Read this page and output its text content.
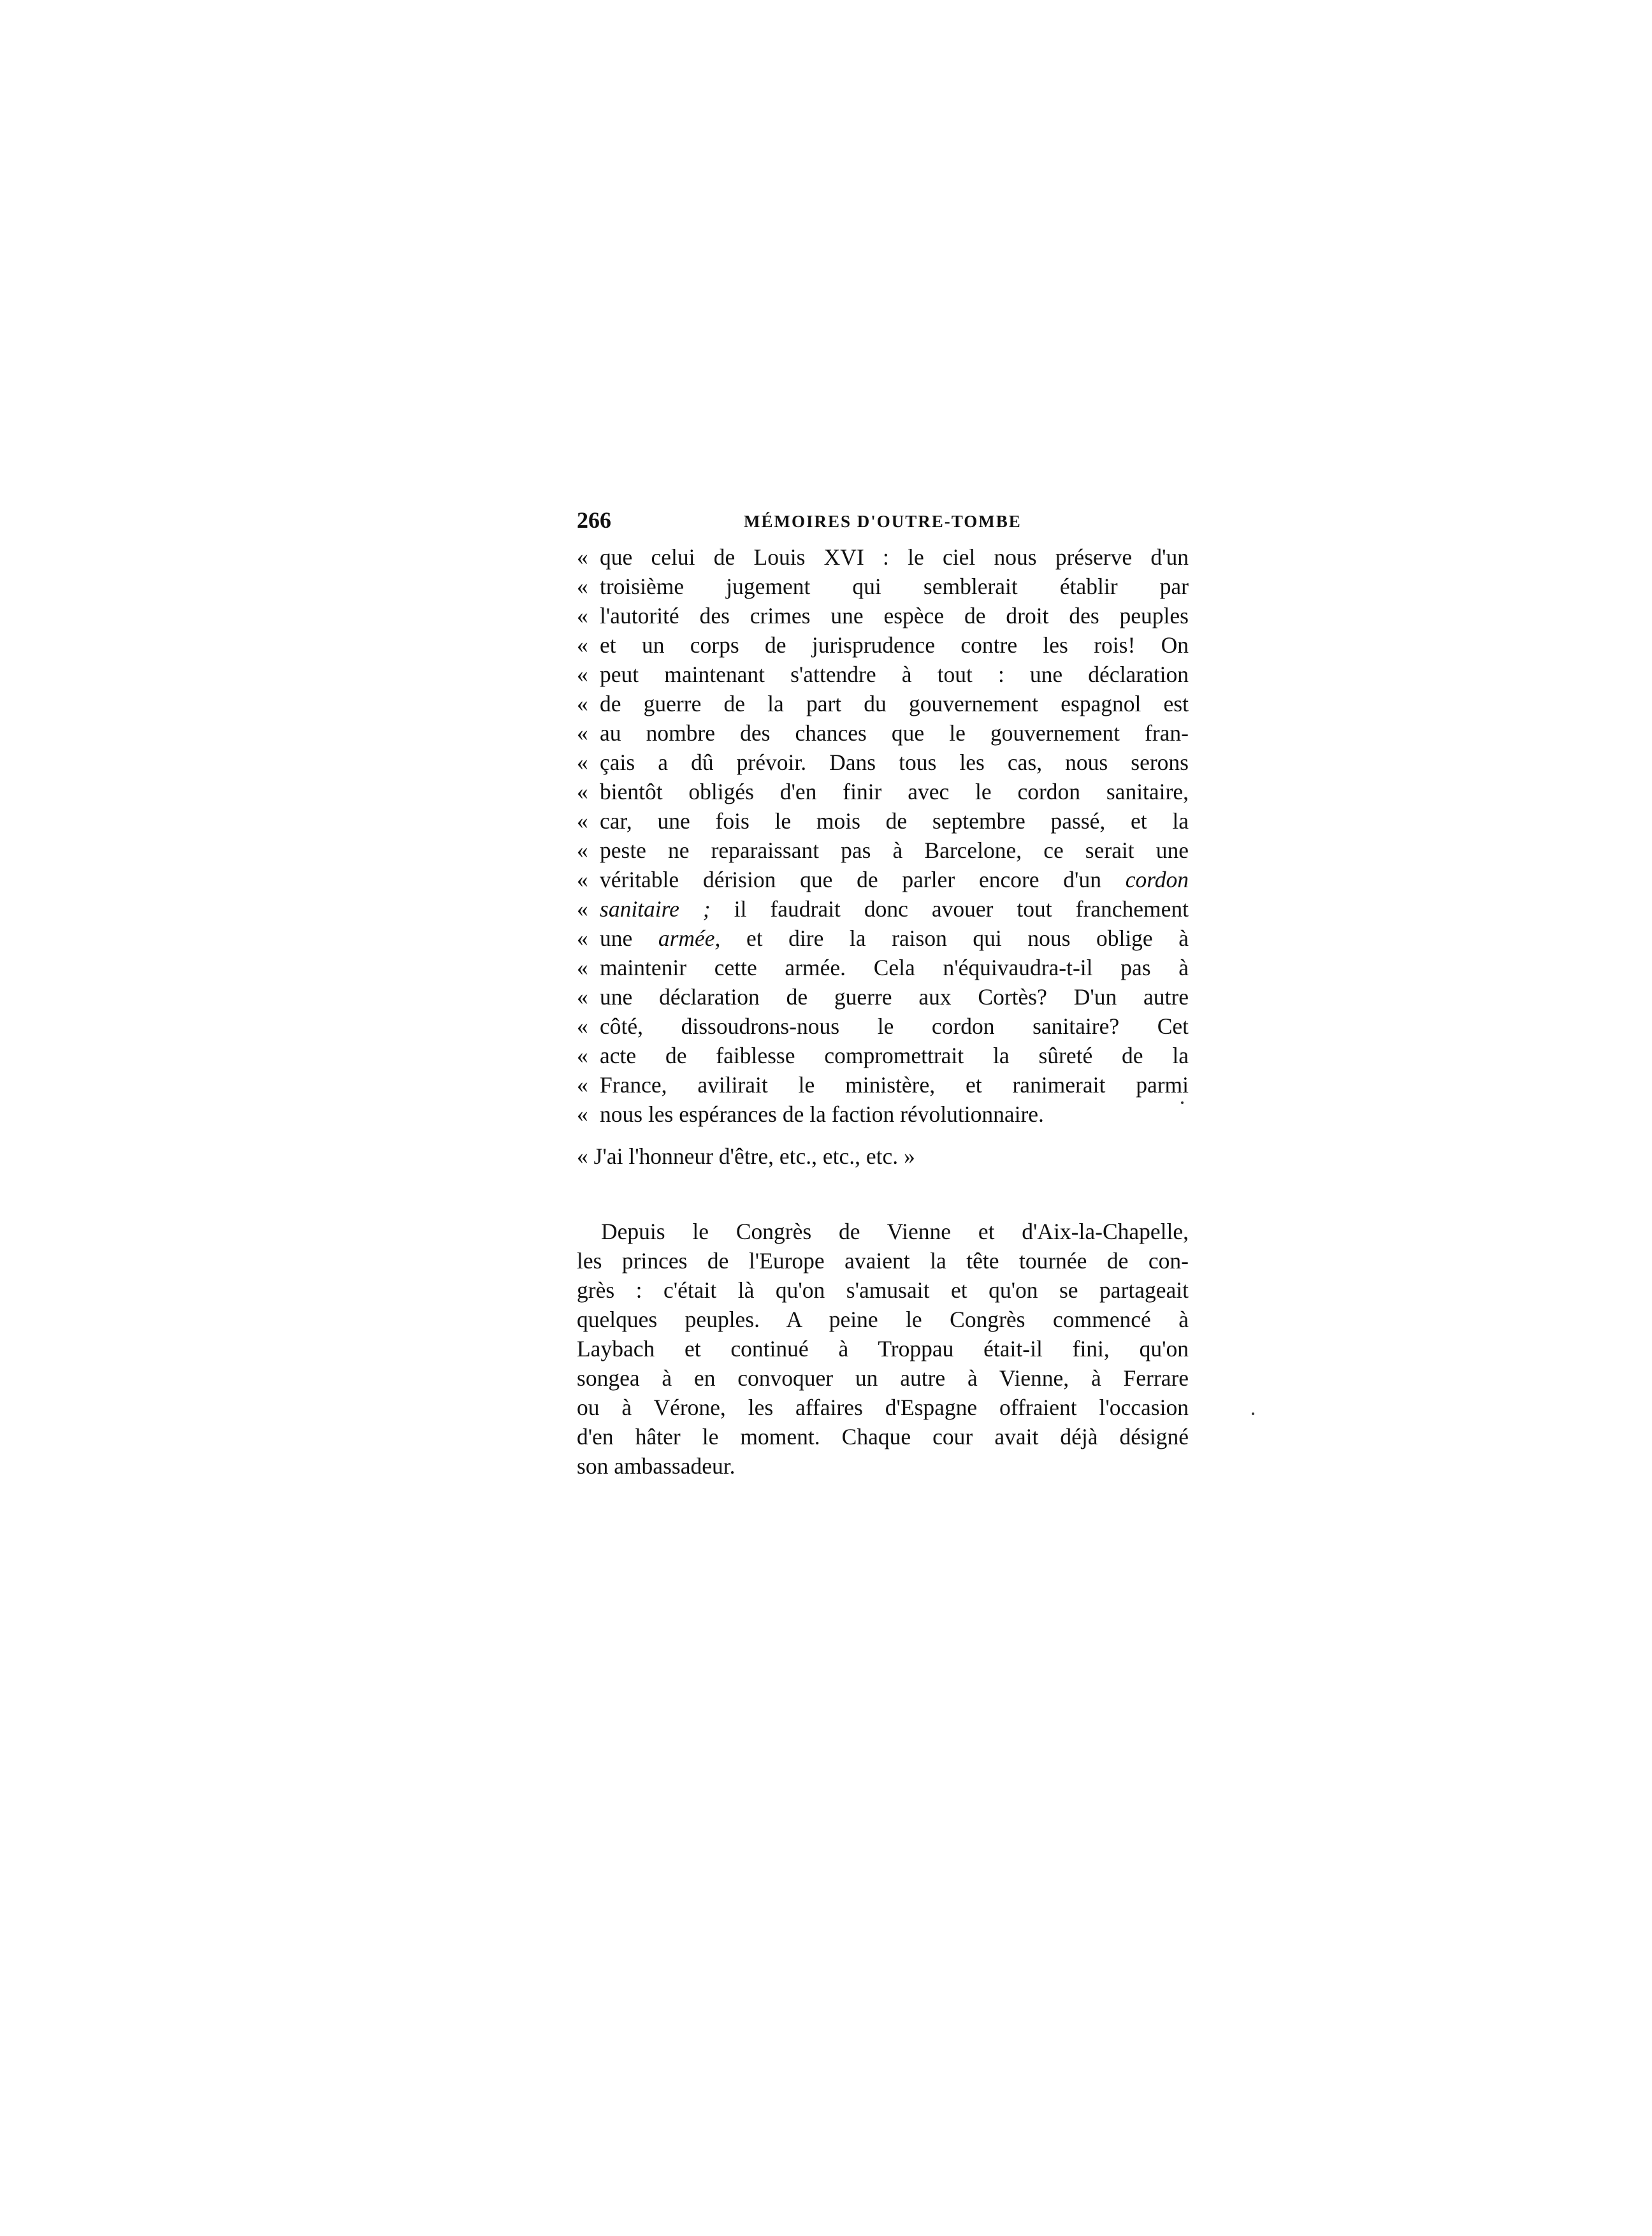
266	MÉMOIRES D'OUTRE-TOMBE
« que celui de Louis XVI : le ciel nous préserve d'un
« troisième jugement qui semblerait établir par
« l'autorité des crimes une espèce de droit des peuples
« et un corps de jurisprudence contre les rois! On
« peut maintenant s'attendre à tout : une déclaration
« de guerre de la part du gouvernement espagnol est
« au nombre des chances que le gouvernement fran-
« çais a dû prévoir. Dans tous les cas, nous serons
« bientôt obligés d'en finir avec le cordon sanitaire,
« car, une fois le mois de septembre passé, et la
« peste ne reparaissant pas à Barcelone, ce serait une
« véritable dérision que de parler encore d'un cordon
« sanitaire ; il faudrait donc avouer tout franchement
« une armée, et dire la raison qui nous oblige à
« maintenir cette armée. Cela n'équivaudra-t-il pas à
« une déclaration de guerre aux Cortès? D'un autre
« côté, dissoudrons-nous le cordon sanitaire? Cet
« acte de faiblesse compromettrait la sûreté de la
« France, avilirait le ministère, et ranimerait parmi
« nous les espérances de la faction révolutionnaire.
« J'ai l'honneur d'être, etc., etc., etc. »
Depuis le Congrès de Vienne et d'Aix-la-Chapelle,
les princes de l'Europe avaient la tête tournée de con-
grès : c'était là qu'on s'amusait et qu'on se partageait
quelques peuples. A peine le Congrès commencé à
Laybach et continué à Troppau était-il fini, qu'on
songea à en convoquer un autre à Vienne, à Ferrare
ou à Vérone, les affaires d'Espagne offraient l'occasion
d'en hâter le moment. Chaque cour avait déjà désigné
son ambassadeur.
